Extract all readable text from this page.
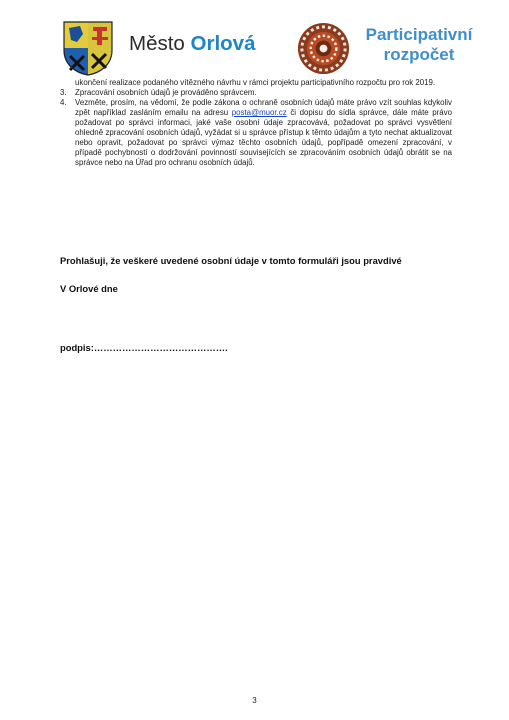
Město Orlová	Participativní
rozpočet

ukončení realizace podaného vítězného návrhu v rámci projektu participativního rozpočtu pro rok 2019.

3. Zpracování osobních údajů je prováděno správcem.
4. Vezměte, prosím, na vědomí, že podle zákona o ochraně osobních údajů máte právo vzít souhlas kdykoliv zpět například zasláním emailu na adresu posta@muor.cz či dopisu do sídla správce, dále máte právo požadovat po správci informaci, jaké vaše osobní údaje zpracovává, požadovat po správci vysvětlení ohledně zpracování osobních údajů, vyžádat si u správce přístup k těmto údajům a tyto nechat aktualizovat nebo opravit, požadovat po správci výmaz těchto osobních údajů, popřípadě omezení zpracování, v případě pochybností o dodržování povinností souvisejících se zpracováním osobních údajů obrátit se na správce nebo na Úřad pro ochranu osobních údajů.
Prohlašuji, že veškeré uvedené osobní údaje v tomto formuláři jsou pravdivé
V Orlové dne
podpis:…………………………………….
3
